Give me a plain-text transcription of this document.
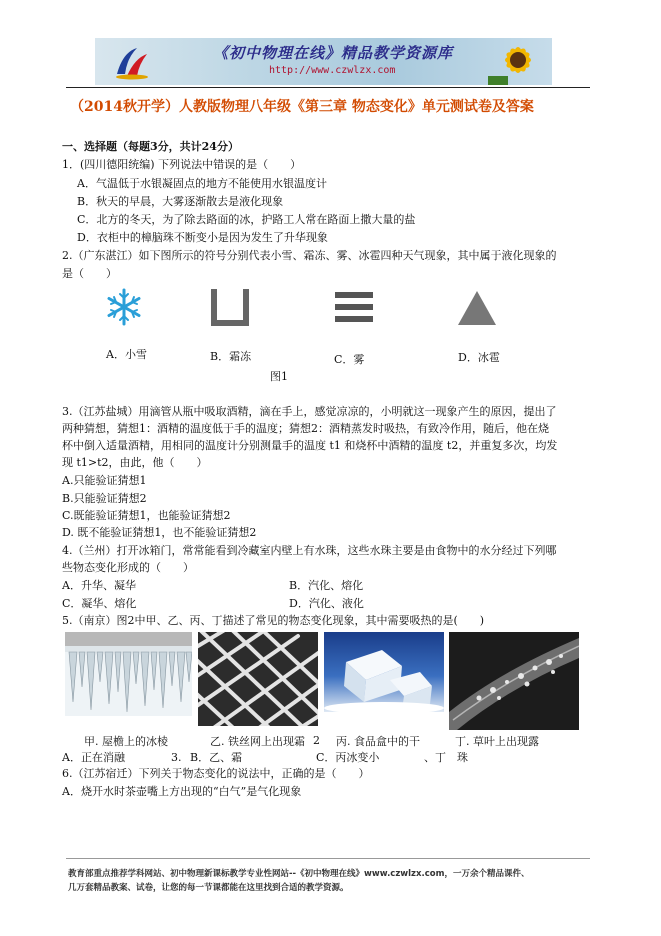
《初中物理在线》精品教学资源库
http://www.czwlzx.com
（2014秋开学）人教版物理八年级《第三章 物态变化》单元测试卷及答案
一、选择题（每题3分，共计24分）
1．(四川德阳统编) 下列说法中错误的是（　　）
A．气温低于水银凝固点的地方不能使用水银温度计
B．秋天的早晨，大雾逐渐散去是液化现象
C．北方的冬天，为了除去路面的冰，护路工人常在路面上撒大量的盐
D．衣柜中的樟脑珠不断变小是因为发生了升华现象
2.（广东湛江）如下图所示的符号分别代表小雪、霜冻、雾、冰雹四种天气现象，其中属于液化现象的
是（　　）
A．小雪	B．霜冻	C．雾	D．冰雹
图1
3.（江苏盐城）用滴管从瓶中吸取酒精，滴在手上，感觉凉凉的，小明就这一现象产生的原因，提出了
两种猜想，猜想1：酒精的温度低于手的温度；猜想2：酒精蒸发时吸热，有致冷作用，随后，他在烧
杯中倒入适量酒精，用相同的温度计分别测量手的温度 t1 和烧杯中酒精的温度 t2，并重复多次，均发
现 t1>t2，由此，他（　　）
A.只能验证猜想1
B.只能验证猜想2
C.既能验证猜想1，也能验证猜想2
D. 既不能验证猜想1，也不能验证猜想2
4.（兰州）打开冰箱门，常常能看到冷藏室内壁上有水珠，这些水珠主要是由食物中的水分经过下列哪
些物态变化形成的（　　）
A．升华、凝华	B．汽化、熔化
C．凝华、熔化	D．汽化、液化
5.（南京）图2中甲、乙、丙、丁描述了常见的物态变化现象，其中需要吸热的是(　　)
甲. 屋檐上的冰棱	乙. 铁丝网上出现霜	丙. 食品盒中的干	丁. 草叶上出现露
2
A．正在消融	3. B．乙、霜	C．丙冰变小	、丁 珠
6.（江苏宿迁）下列关于物态变化的说法中，正确的是（　　）
A．烧开水时茶壶嘴上方出现的“白气”是气化现象
教育部重点推荐学科网站、初中物理新课标教学专业性网站--《初中物理在线》www.czwlzx.com，一万余个精品课件、
几万套精品教案、试卷，让您的每一节课都能在这里找到合适的教学资源。
